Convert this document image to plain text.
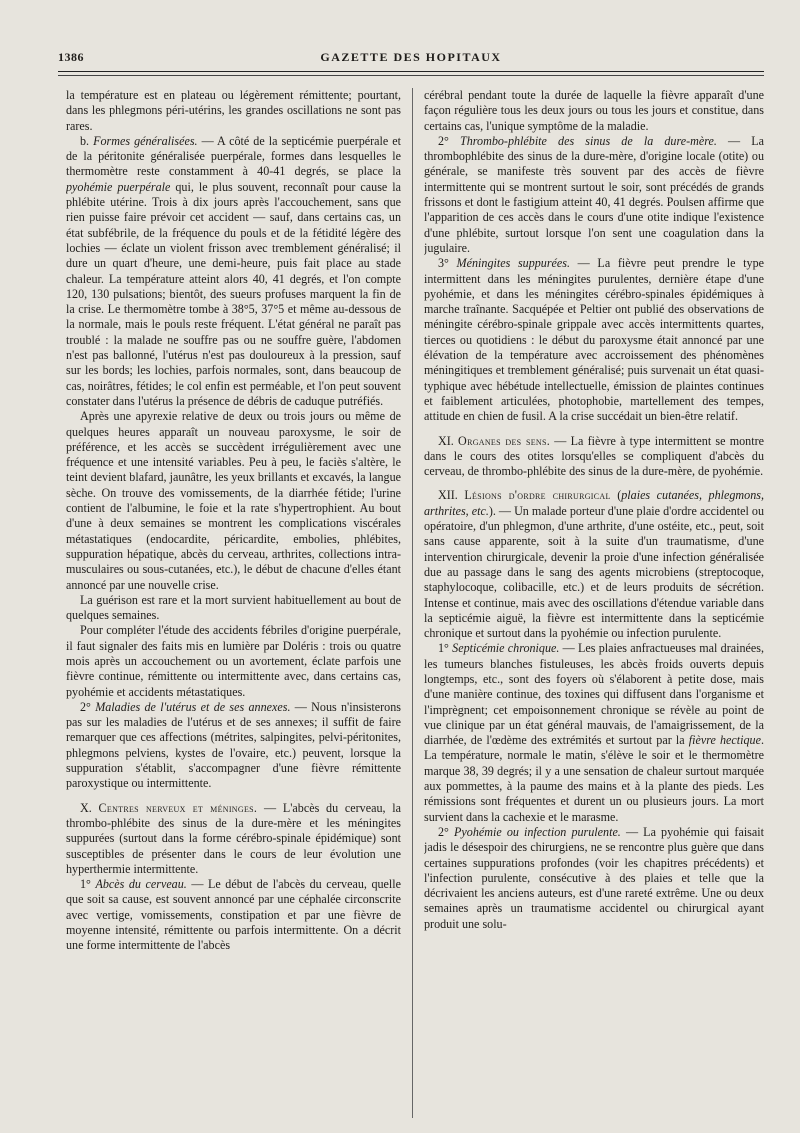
1386	GAZETTE DES HOPITAUX

la température est en plateau ou légèrement rémittente; pourtant, dans les phlegmons péri-utérins, les grandes oscillations ne sont pas rares.

b. Formes généralisées. — A côté de la septicémie puerpérale et de la péritonite généralisée puerpérale, formes dans lesquelles le thermomètre reste constamment à 40-41 degrés, se place la pyohémie puerpérale qui, le plus souvent, reconnaît pour cause la phlébite utérine. Trois à dix jours après l'accouchement, sans que rien puisse faire prévoir cet accident — sauf, dans certains cas, un état subfébrile, de la fréquence du pouls et de la fétidité légère des lochies — éclate un violent frisson avec tremblement généralisé; il dure un quart d'heure, une demi-heure, puis fait place au stade chaleur. La température atteint alors 40, 41 degrés, et l'on compte 120, 130 pulsations; bientôt, des sueurs profuses marquent la fin de la crise. Le thermomètre tombe à 38°5, 37°5 et même au-dessous de la normale, mais le pouls reste fréquent. L'état général ne paraît pas troublé : la malade ne souffre pas ou ne souffre guère, l'abdomen n'est pas ballonné, l'utérus n'est pas douloureux à la pression, sauf sur les bords; les lochies, parfois normales, sont, dans beaucoup de cas, noirâtres, fétides; le col enfin est perméable, et l'on peut souvent constater dans l'utérus la présence de débris de caduque putréfiés.

Après une apyrexie relative de deux ou trois jours ou même de quelques heures apparaît un nouveau paroxysme, le soir de préférence, et les accès se succèdent irrégulièrement avec une fréquence et une intensité variables. Peu à peu, le faciès s'altère, le teint devient blafard, jaunâtre, les yeux brillants et excavés, la langue sèche. On trouve des vomissements, de la diarrhée fétide; l'urine contient de l'albumine, le foie et la rate s'hypertrophient. Au bout d'une à deux semaines se montrent les complications viscérales métastatiques (endocardite, péricardite, embolies, phlébites, suppuration hépatique, abcès du cerveau, arthrites, collections intra-musculaires ou sous-cutanées, etc.), le début de chacune d'elles étant annoncé par une nouvelle crise.

La guérison est rare et la mort survient habituellement au bout de quelques semaines.

Pour compléter l'étude des accidents fébriles d'origine puerpérale, il faut signaler des faits mis en lumière par Doléris : trois ou quatre mois après un accouchement ou un avortement, éclate parfois une fièvre continue, rémittente ou intermittente avec, dans certains cas, pyohémie et accidents métastatiques.

2° Maladies de l'utérus et de ses annexes. — Nous n'insisterons pas sur les maladies de l'utérus et de ses annexes; il suffit de faire remarquer que ces affections (métrites, salpingites, pelvi-péritonites, phlegmons pelviens, kystes de l'ovaire, etc.) peuvent, lorsque la suppuration s'établit, s'accompagner d'une fièvre rémittente paroxystique ou intermittente.

X. Centres nerveux et méninges. — L'abcès du cerveau, la thrombo-phlébite des sinus de la dure-mère et les méningites suppurées (surtout dans la forme cérébro-spinale épidémique) sont susceptibles de présenter dans le cours de leur évolution une hyperthermie intermittente.

1° Abcès du cerveau. — Le début de l'abcès du cerveau, quelle que soit sa cause, est souvent annoncé par une céphalée circonscrite avec vertige, vomissements, constipation et par une fièvre de moyenne intensité, rémittente ou parfois intermittente. On a décrit une forme intermittente de l'abcès

cérébral pendant toute la durée de laquelle la fièvre apparaît d'une façon régulière tous les deux jours ou tous les jours et constitue, dans certains cas, l'unique symptôme de la maladie.

2° Thrombo-phlébite des sinus de la dure-mère. — La thrombophlébite des sinus de la dure-mère, d'origine locale (otite) ou générale, se manifeste très souvent par des accès de fièvre intermittente qui se montrent surtout le soir, sont précédés de grands frissons et dont le fastigium atteint 40, 41 degrés. Poulsen affirme que l'apparition de ces accès dans le cours d'une otite indique l'existence d'une phlébite, surtout lorsque l'on sent une coagulation dans la jugulaire.

3° Méningites suppurées. — La fièvre peut prendre le type intermittent dans les méningites purulentes, dernière étape d'une pyohémie, et dans les méningites cérébro-spinales épidémiques à marche traînante. Sacquépée et Peltier ont publié des observations de méningite cérébro-spinale grippale avec accès intermittents quartes, tierces ou quotidiens : le début du paroxysme était annoncé par une élévation de la température avec accroissement des phénomènes méningitiques et tremblement généralisé; puis survenait un état quasi-typhique avec hébétude intellectuelle, émission de plaintes continues et faiblement articulées, photophobie, martellement des tempes, attitude en chien de fusil. A la crise succédait un bien-être relatif.

XI. Organes des sens. — La fièvre à type intermittent se montre dans le cours des otites lorsqu'elles se compliquent d'abcès du cerveau, de thrombo-phlébite des sinus de la dure-mère, de pyohémie.

XII. Lésions d'ordre chirurgical (plaies cutanées, phlegmons, arthrites, etc.). — Un malade porteur d'une plaie d'ordre accidentel ou opératoire, d'un phlegmon, d'une arthrite, d'une ostéite, etc., peut, soit sans cause apparente, soit à la suite d'un traumatisme, d'une intervention chirurgicale, devenir la proie d'une infection généralisée due au passage dans le sang des agents microbiens (streptocoque, staphylocoque, colibacille, etc.) et de leurs produits de sécrétion. Intense et continue, mais avec des oscillations d'étendue variable dans la septicémie aiguë, la fièvre est intermittente dans la septicémie chronique et surtout dans la pyohémie ou infection purulente.

1° Septicémie chronique. — Les plaies anfractueuses mal drainées, les tumeurs blanches fistuleuses, les abcès froids ouverts depuis longtemps, etc., sont des foyers où s'élaborent à petite dose, mais d'une manière continue, des toxines qui diffusent dans l'organisme et l'imprègnent; cet empoisonnement chronique se révèle au point de vue clinique par un état général mauvais, de l'amaigrissement, de la diarrhée, de l'œdème des extrémités et surtout par la fièvre hectique. La température, normale le matin, s'élève le soir et le thermomètre marque 38, 39 degrés; il y a une sensation de chaleur surtout marquée aux pommettes, à la paume des mains et à la plante des pieds. Les rémissions sont fréquentes et durent un ou plusieurs jours. La mort survient dans la cachexie et le marasme.

2° Pyohémie ou infection purulente. — La pyohémie qui faisait jadis le désespoir des chirurgiens, ne se rencontre plus guère que dans certaines suppurations profondes (voir les chapitres précédents) et l'infection purulente, consécutive à des plaies et telle que la décrivaient les anciens auteurs, est d'une rareté extrême. Une ou deux semaines après un traumatisme accidentel ou chirurgical ayant produit une solu-
